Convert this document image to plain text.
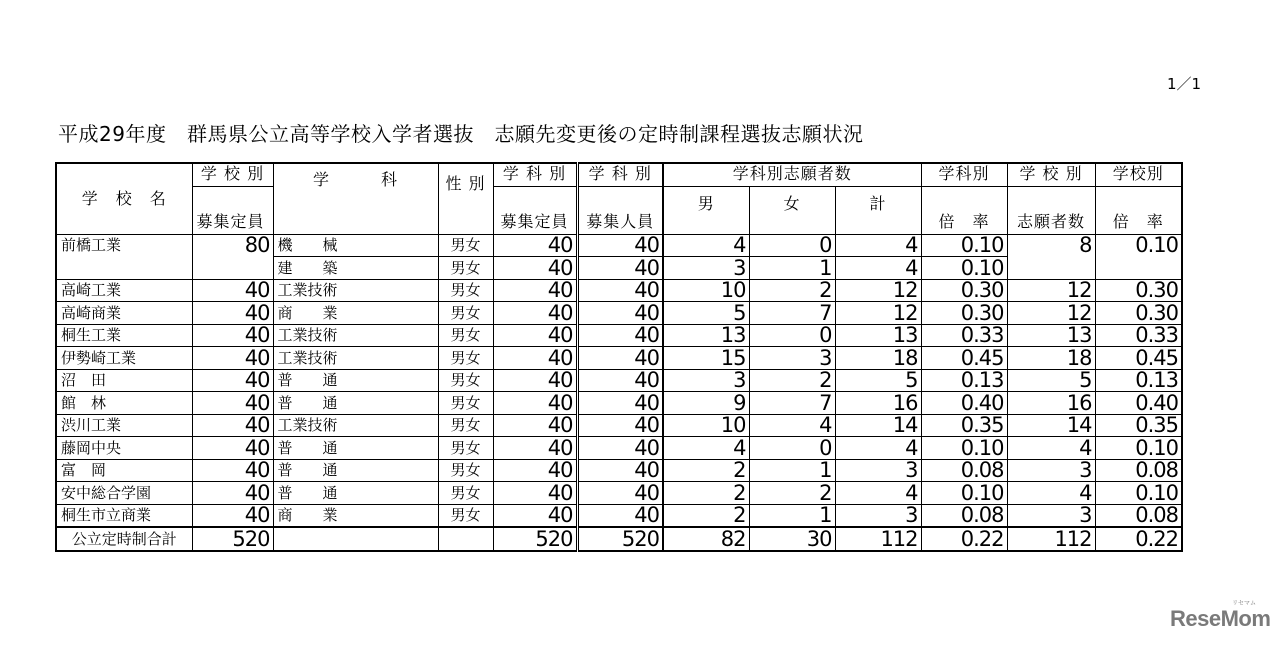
1／1
平成29年度　群馬県公立高等学校入学者選抜　志願先変更後の定時制課程選抜志願状況
学　校　名	学 校 別	学　　　科	性 別	学 科 別	学 科 別	学科別志願者数			学科別	学 校 別	学校別
	募集定員			募集定員	募集人員	男	女	計	倍　率	志願者数	倍　率
前橋工業	80	機　　械	男女	40	40	4	0	4	0.10	8	0.10
		建　　築	男女	40	40	3	1	4	0.10		
高崎工業	40	工業技術	男女	40	40	10	2	12	0.30	12	0.30
高崎商業	40	商　　業	男女	40	40	5	7	12	0.30	12	0.30
桐生工業	40	工業技術	男女	40	40	13	0	13	0.33	13	0.33
伊勢崎工業	40	工業技術	男女	40	40	15	3	18	0.45	18	0.45
沼　田	40	普　　通	男女	40	40	3	2	5	0.13	5	0.13
館　林	40	普　　通	男女	40	40	9	7	16	0.40	16	0.40
渋川工業	40	工業技術	男女	40	40	10	4	14	0.35	14	0.35
藤岡中央	40	普　　通	男女	40	40	4	0	4	0.10	4	0.10
富　岡	40	普　　通	男女	40	40	2	1	3	0.08	3	0.08
安中総合学園	40	普　　通	男女	40	40	2	2	4	0.10	4	0.10
桐生市立商業	40	商　　業	男女	40	40	2	1	3	0.08	3	0.08
公立定時制合計	520			520	520	82	30	112	0.22	112	0.22
ReseMom
リセマム
